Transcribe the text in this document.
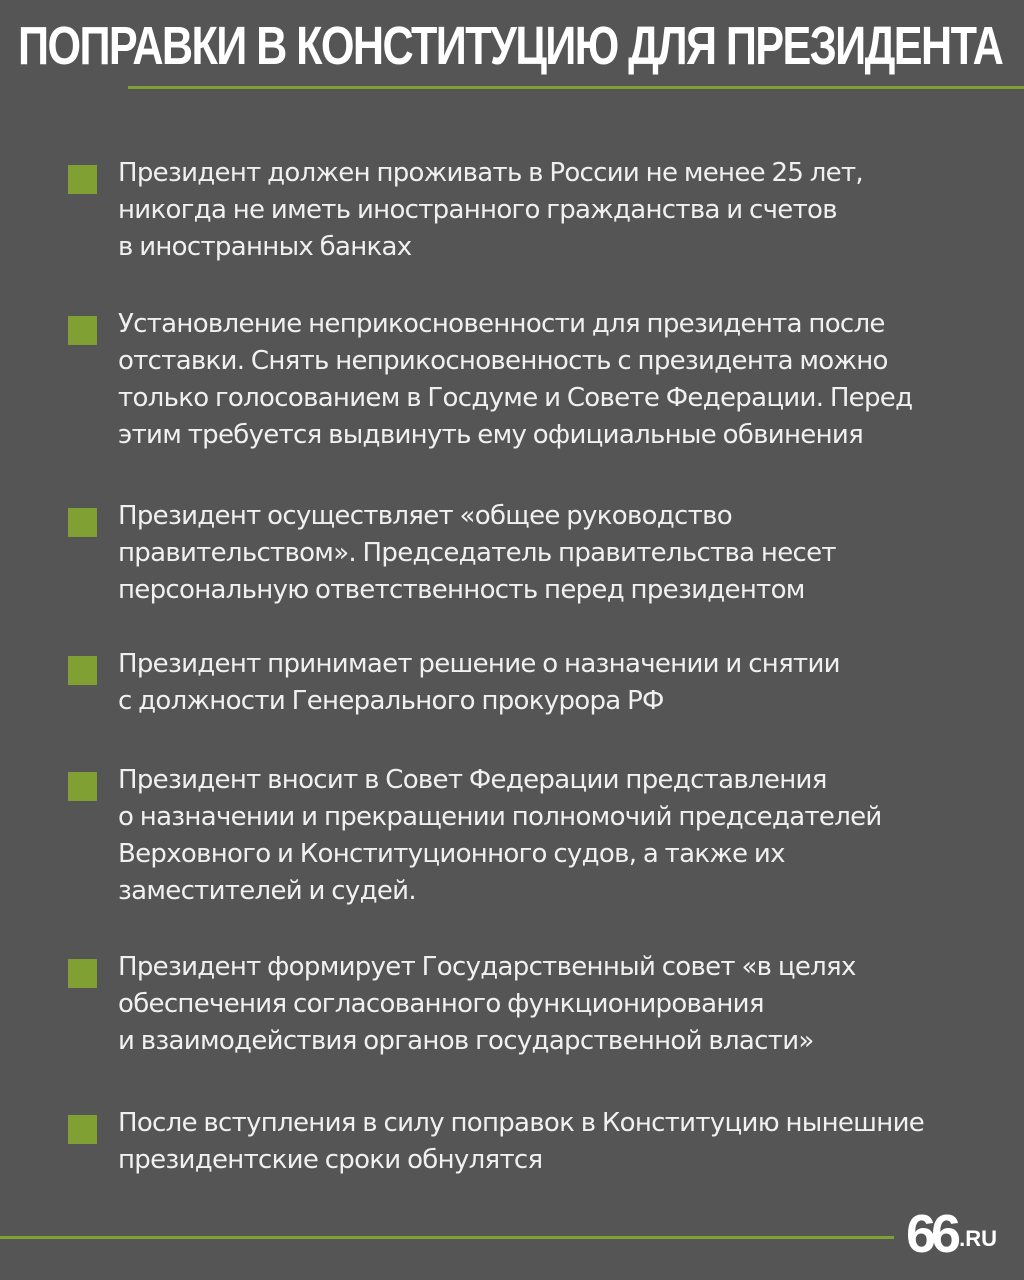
ПОПРАВКИ В КОНСТИТУЦИЮ ДЛЯ ПРЕЗИДЕНТА
Президент должен проживать в России не менее 25 лет,
никогда не иметь иностранного гражданства и счетов
в иностранных банках
Установление неприкосновенности для президента после
отставки. Снять неприкосновенность с президента можно
только голосованием в Госдуме и Совете Федерации. Перед
этим требуется выдвинуть ему официальные обвинения
Президент осуществляет «общее руководство
правительством». Председатель правительства несет
персональную ответственность перед президентом
Президент принимает решение о назначении и снятии
с должности Генерального прокурора РФ
Президент вносит в Совет Федерации представления
о назначении и прекращении полномочий председателей
Верховного и Конституционного судов, а также их
заместителей и судей.
Президент формирует Государственный совет «в целях
обеспечения согласованного функционирования
и взаимодействия органов государственной власти»
После вступления в силу поправок в Конституцию нынешние
президентские сроки обнулятся
66 .RU
